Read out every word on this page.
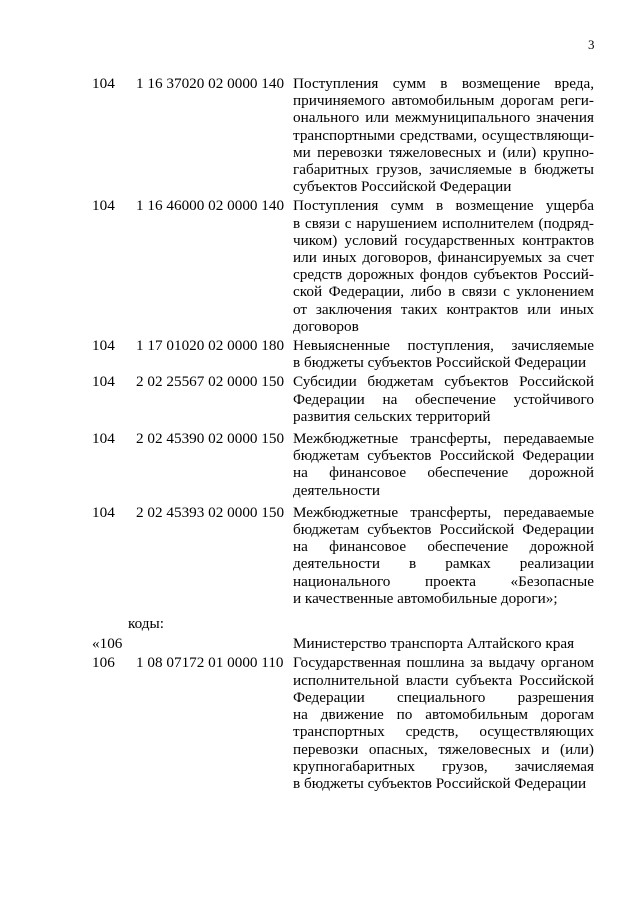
3
104 1 16 37020 02 0000 140 Поступления сумм в возмещение вреда,
причиняемого автомобильным дорогам реги-
онального или межмуниципального значения
транспортными средствами, осуществляющи-
ми перевозки тяжеловесных и (или) крупно-
габаритных грузов, зачисляемые в бюджеты
субъектов Российской Федерации
104 1 16 46000 02 0000 140 Поступления сумм в возмещение ущерба
в связи с нарушением исполнителем (подряд-
чиком) условий государственных контрактов
или иных договоров, финансируемых за счет
средств дорожных фондов субъектов Россий-
ской Федерации, либо в связи с уклонением
от заключения таких контрактов или иных
договоров
104 1 17 01020 02 0000 180 Невыясненные поступления, зачисляемые
в бюджеты субъектов Российской Федерации
104 2 02 25567 02 0000 150 Субсидии бюджетам субъектов Российской
Федерации на обеспечение устойчивого
развития сельских территорий
104 2 02 45390 02 0000 150 Межбюджетные трансферты, передаваемые
бюджетам субъектов Российской Федерации
на финансовое обеспечение дорожной
деятельности
104 2 02 45393 02 0000 150 Межбюджетные трансферты, передаваемые
бюджетам субъектов Российской Федерации
на финансовое обеспечение дорожной
деятельности в рамках реализации
национального проекта «Безопасные
и качественные автомобильные дороги»;
коды:
«106	Министерство транспорта Алтайского края
106 1 08 07172 01 0000 110 Государственная пошлина за выдачу органом
исполнительной власти субъекта Российской
Федерации специального разрешения
на движение по автомобильным дорогам
транспортных средств, осуществляющих
перевозки опасных, тяжеловесных и (или)
крупногабаритных грузов, зачисляемая
в бюджеты субъектов Российской Федерации
